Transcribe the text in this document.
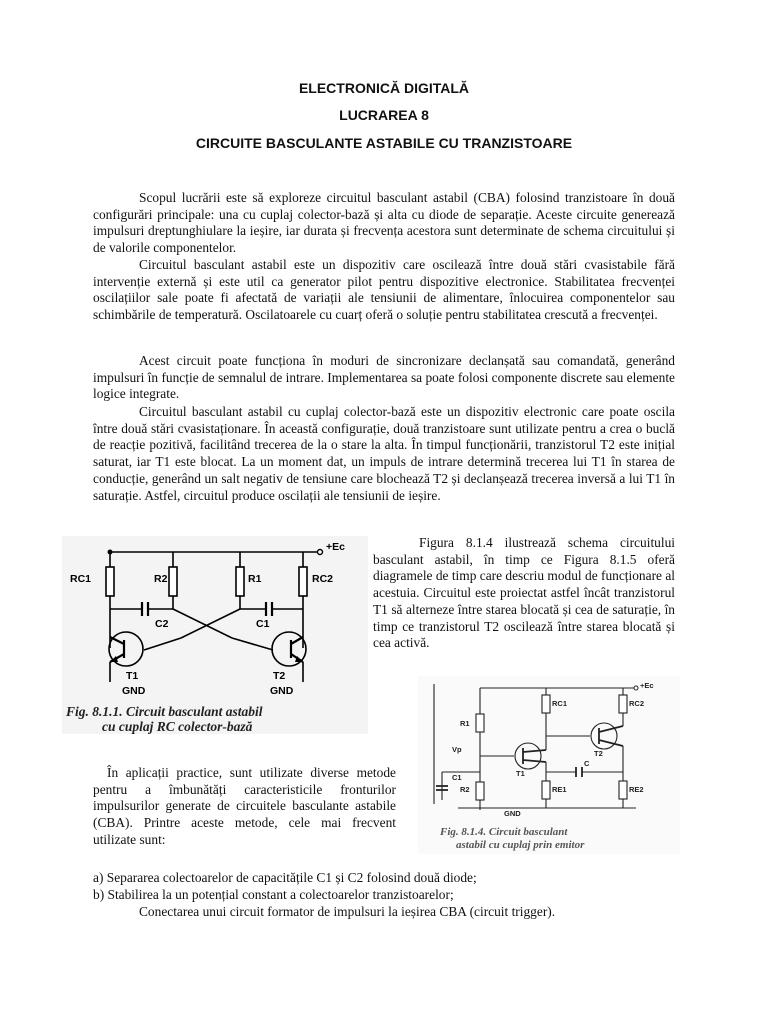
ELECTRONICĂ DIGITALĂ
LUCRAREA 8
CIRCUITE BASCULANTE ASTABILE CU TRANZISTOARE

Scopul lucrării este să exploreze circuitul basculant astabil (CBA) folosind tranzistoare în două configurări principale: una cu cuplaj colector-bază și alta cu diode de separație. Aceste circuite generează impulsuri dreptunghiulare la ieșire, iar durata și frecvența acestora sunt determinate de schema circuitului și de valorile componentelor.

Circuitul basculant astabil este un dispozitiv care oscilează între două stări cvasistabile fără intervenție externă și este util ca generator pilot pentru dispozitive electronice. Stabilitatea frecvenței oscilațiilor sale poate fi afectată de variații ale tensiunii de alimentare, înlocuirea componentelor sau schimbările de temperatură. Oscilatoarele cu cuarț oferă o soluție pentru stabilitatea crescută a frecvenței.

Acest circuit poate funcționa în moduri de sincronizare declanșată sau comandată, generând impulsuri în funcție de semnalul de intrare. Implementarea sa poate folosi componente discrete sau elemente logice integrate.

Circuitul basculant astabil cu cuplaj colector-bază este un dispozitiv electronic care poate oscila între două stări cvasistaționare. În această configurație, două tranzistoare sunt utilizate pentru a crea o buclă de reacție pozitivă, facilitând trecerea de la o stare la alta. În timpul funcționării, tranzistorul T2 este inițial saturat, iar T1 este blocat. La un moment dat, un impuls de intrare determină trecerea lui T1 în starea de conducție, generând un salt negativ de tensiune care blochează T2 și declanșează trecerea inversă a lui T1 în saturație. Astfel, circuitul produce oscilații ale tensiunii de ieșire.

Figura 8.1.4 ilustrează schema circuitului basculant astabil, în timp ce Figura 8.1.5 oferă diagramele de timp care descriu modul de funcționare al acestuia. Circuitul este proiectat astfel încât tranzistorul T1 să alterneze între starea blocată și cea de saturație, în timp ce tranzistorul T2 oscilează între starea blocată și cea activă.

+Ec
RC1	R2	R1	RC2
C2	C1
T1	T2
GND	GND
Fig. 8.1.1. Circuit basculant astabil
cu cuplaj RC colector-bază
+Ec
R1
R2
RC1	RC2
RE1	RE2
C1
C
T1
T2
Vp
GND
Fig. 8.1.4. Circuit basculant
astabil cu cuplaj prin emitor

În aplicații practice, sunt utilizate diverse metode pentru a îmbunătăți caracteristicile fronturilor impulsurilor generate de circuitele basculante astabile (CBA). Printre aceste metode, cele mai frecvent utilizate sunt:

a) Separarea colectoarelor de capacitățile C1 și C2 folosind două diode;
b) Stabilirea la un potențial constant a colectoarelor tranzistoarelor;
Conectarea unui circuit formator de impulsuri la ieșirea CBA (circuit trigger).
